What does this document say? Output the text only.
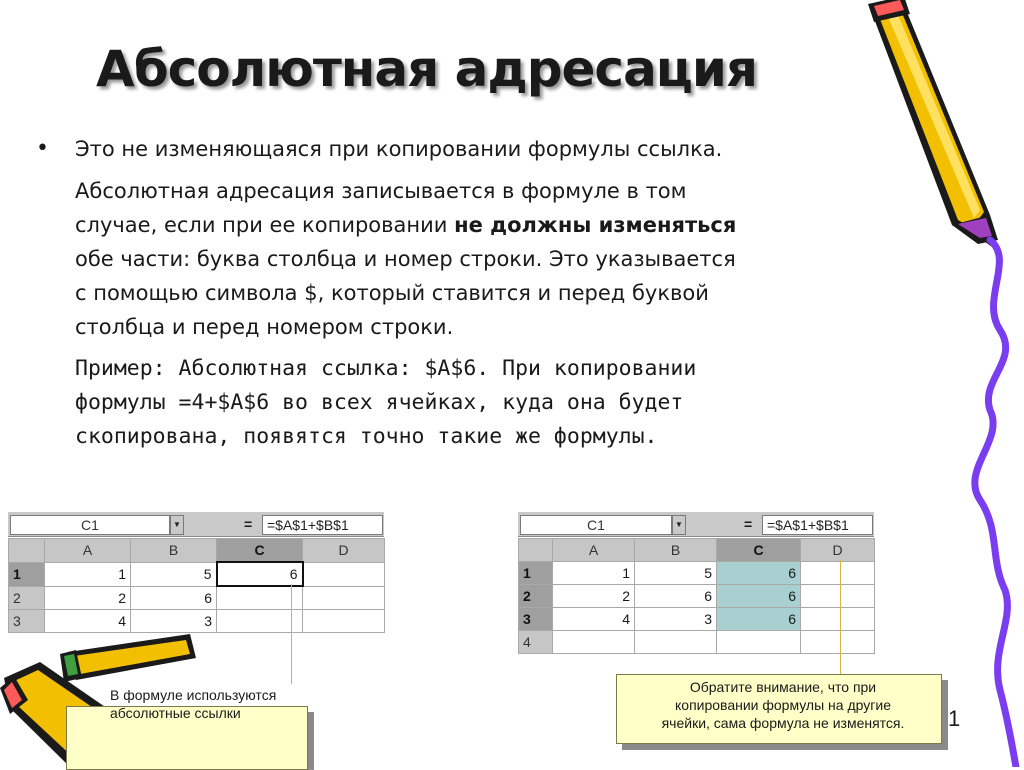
Абсолютная адресация
• Это не изменяющаяся при копировании формулы ссылка.
Абсолютная адресация записывается в формуле в том
случае, если при ее копировании не должны изменяться
обе части: буква столбца и номер строки. Это указывается
с помощью символа $, который ставится и перед буквой
столбца и перед номером строки.
Пример: Абсолютная ссылка: $A$6. При копировании
формулы =4+$A$6 во всех ячейках, куда она будет
скопирована, появятся точно такие же формулы.
C1	▼	=	=$A$1+$B$1
	A	B	C	D
1	1	5	6	
2	2	6		
3	4	3		
C1	▼	=	=$A$1+$B$1
	A	B	C	D
1	1	5	6	
2	2	6	6	
3	4	3	6	
4				
В формуле используются
абсолютные ссылки
Обратите внимание, что при
копировании формулы на другие
ячейки, сама формула не изменятся.	1
